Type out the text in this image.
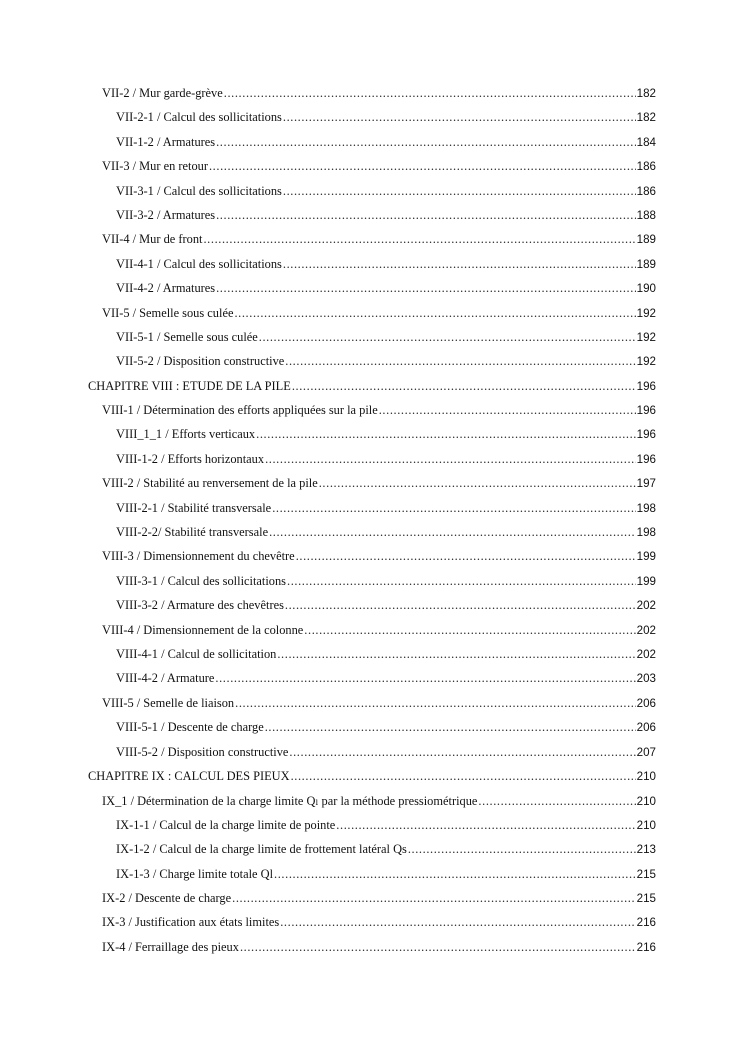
VII-2 / Mur garde-grève .....	182
VII-2-1 / Calcul des sollicitations .....	182
VII-1-2 / Armatures .....	184
VII-3 / Mur en retour .....	186
VII-3-1 / Calcul des sollicitations .....	186
VII-3-2 / Armatures .....	188
VII-4 / Mur de front .....	189
VII-4-1 / Calcul des sollicitations .....	189
VII-4-2 / Armatures .....	190
VII-5 / Semelle sous culée .....	192
VII-5-1 / Semelle sous culée .....	192
VII-5-2 / Disposition constructive .....	192
CHAPITRE VIII : ETUDE DE LA PILE .....	196
VIII-1 / Détermination des efforts appliquées sur la pile .....	196
VIII_1_1 / Efforts verticaux .....	196
VIII-1-2 / Efforts horizontaux .....	196
VIII-2 / Stabilité au renversement de la pile .....	197
VIII-2-1 / Stabilité transversale .....	198
VIII-2-2/ Stabilité transversale .....	198
VIII-3 / Dimensionnement du chevêtre .....	199
VIII-3-1 / Calcul des sollicitations .....	199
VIII-3-2 / Armature des chevêtres .....	202
VIII-4 / Dimensionnement de la colonne .....	202
VIII-4-1 / Calcul de sollicitation .....	202
VIII-4-2 / Armature .....	203
VIII-5 / Semelle de liaison .....	206
VIII-5-1 / Descente de charge .....	206
VIII-5-2 / Disposition constructive .....	207
CHAPITRE IX : CALCUL DES PIEUX .....	210
IX_1 / Détermination de la charge limite Qₗ par la méthode pressiométrique .....	210
IX-1-1 / Calcul de la charge limite de pointe .....	210
IX-1-2 / Calcul de la charge limite de frottement latéral Qs .....	213
IX-1-3 / Charge limite totale Ql .....	215
IX-2 / Descente de charge .....	215
IX-3 / Justification aux états limites .....	216
IX-4 / Ferraillage des pieux .....	216
